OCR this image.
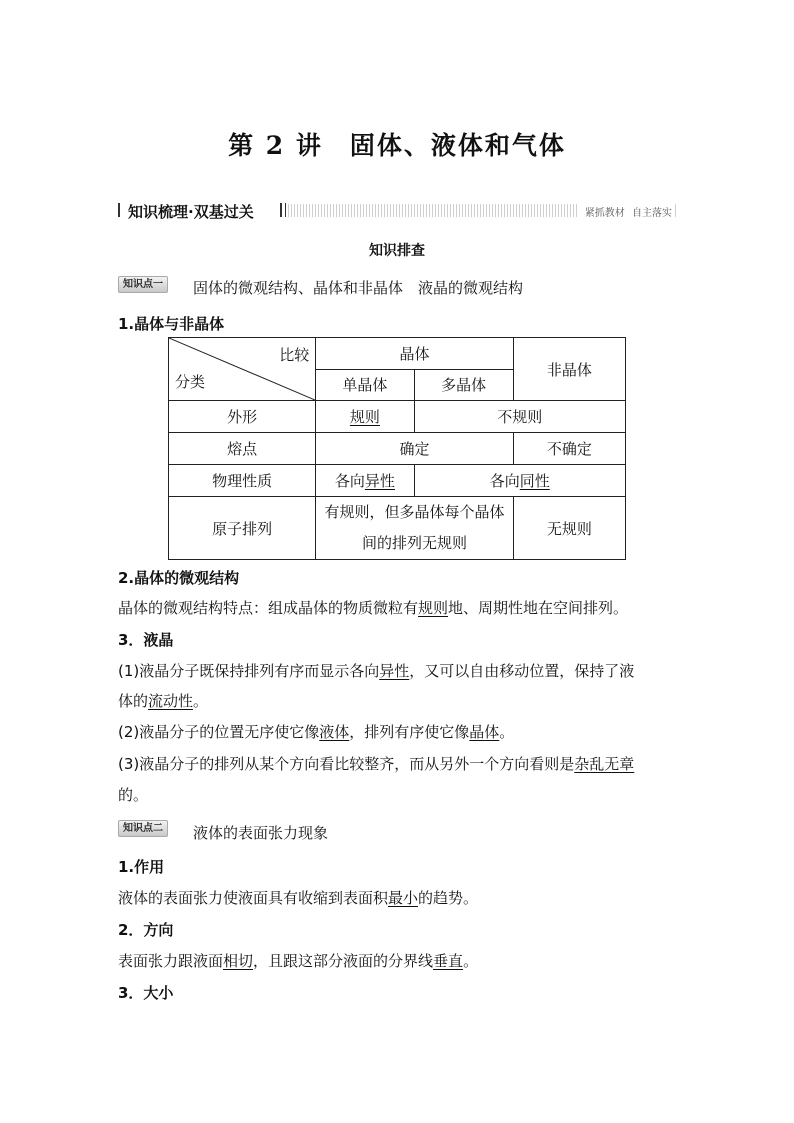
第 2 讲　固体、液体和气体
知识梳理·双基过关	紧抓教材 自主落实
知识排查
知识点一	固体的微观结构、晶体和非晶体　液晶的微观结构
1.晶体与非晶体
比较
分类	晶体		非晶体
	单晶体	多晶体	
外形	规则	不规则	
熔点	确定		不确定
物理性质	各向异性	各向同性	
原子排列	有规则，但多晶体每个晶体
间的排列无规则		无规则
2.晶体的微观结构
晶体的微观结构特点：组成晶体的物质微粒有规则地、周期性地在空间排列。
3．液晶
(1)液晶分子既保持排列有序而显示各向异性，又可以自由移动位置，保持了液
体的流动性。
(2)液晶分子的位置无序使它像液体，排列有序使它像晶体。
(3)液晶分子的排列从某个方向看比较整齐，而从另外一个方向看则是杂乱无章
的。
知识点二	液体的表面张力现象
1.作用
液体的表面张力使液面具有收缩到表面积最小的趋势。
2．方向
表面张力跟液面相切，且跟这部分液面的分界线垂直。
3．大小
